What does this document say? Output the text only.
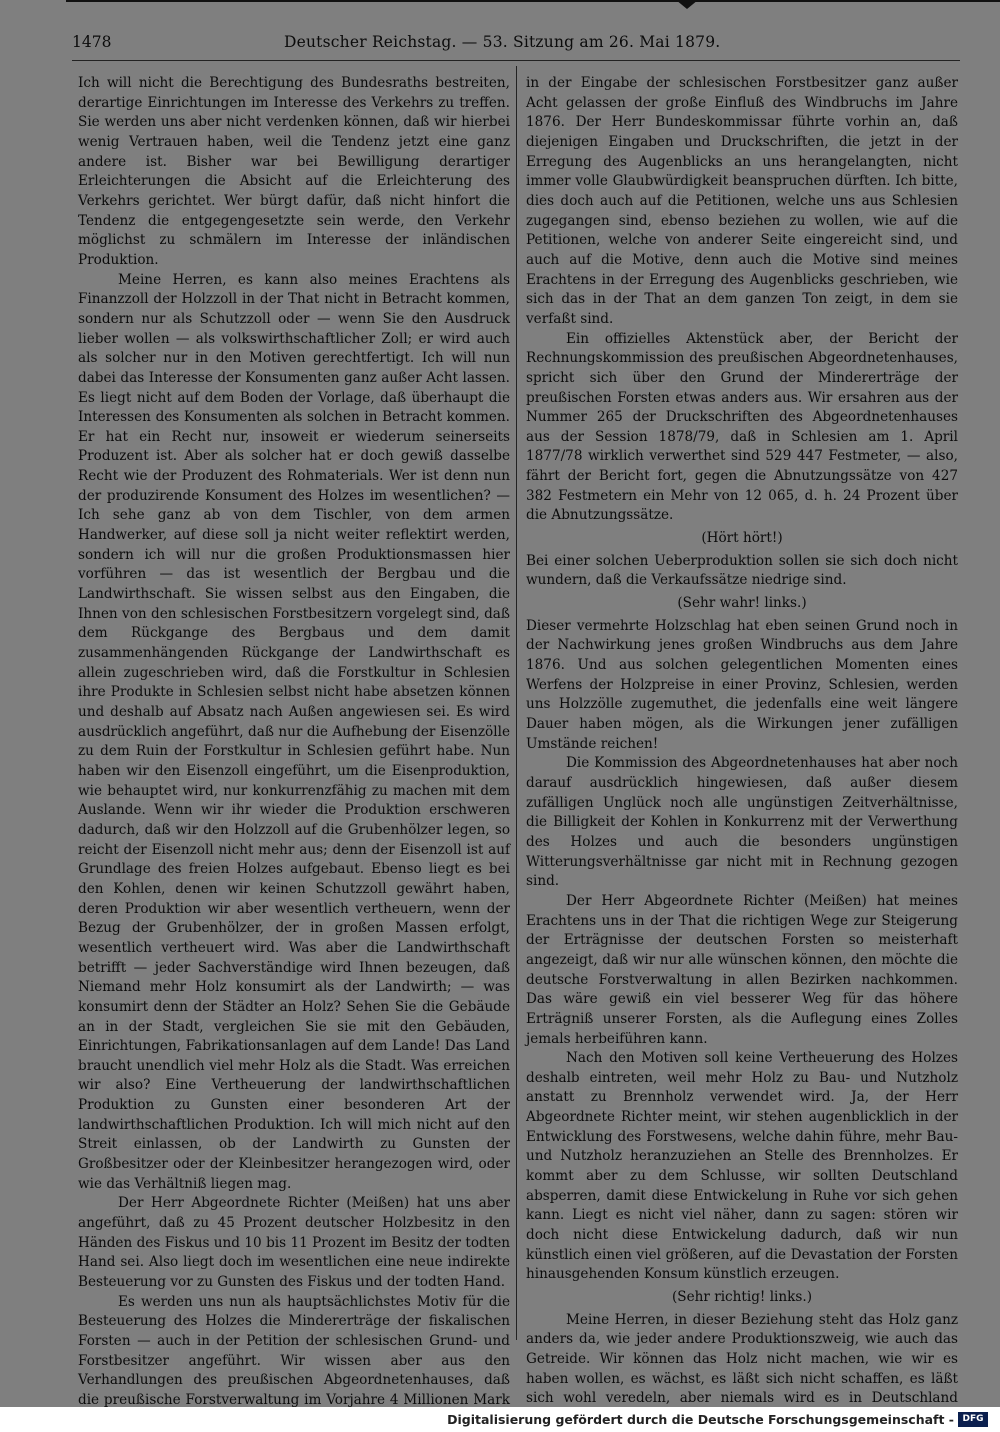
1478	Deutscher Reichstag. — 53. Sitzung am 26. Mai 1879.

Ich will nicht die Berechtigung des Bundesraths bestreiten, derartige Einrichtungen im Interesse des Verkehrs zu treffen. Sie werden uns aber nicht verdenken können, daß wir hierbei wenig Vertrauen haben, weil die Tendenz jetzt eine ganz andere ist. Bisher war bei Bewilligung derartiger Erleichterungen die Absicht auf die Erleichterung des Verkehrs gerichtet. Wer bürgt dafür, daß nicht hinfort die Tendenz die entgegengesetzte sein werde, den Verkehr möglichst zu schmälern im Interesse der inländischen Produktion.

Meine Herren, es kann also meines Erachtens als Finanzzoll der Holzzoll in der That nicht in Betracht kommen, sondern nur als Schutzzoll oder — wenn Sie den Ausdruck lieber wollen — als volkswirthschaftlicher Zoll; er wird auch als solcher nur in den Motiven gerechtfertigt. Ich will nun dabei das Interesse der Konsumenten ganz außer Acht lassen. Es liegt nicht auf dem Boden der Vorlage, daß überhaupt die Interessen des Konsumenten als solchen in Betracht kommen. Er hat ein Recht nur, insoweit er wiederum seinerseits Produzent ist. Aber als solcher hat er doch gewiß dasselbe Recht wie der Produzent des Rohmaterials. Wer ist denn nun der produzirende Konsument des Holzes im wesentlichen? — Ich sehe ganz ab von dem Tischler, von dem armen Handwerker, auf diese soll ja nicht weiter reflektirt werden, sondern ich will nur die großen Produktionsmassen hier vorführen — das ist wesentlich der Bergbau und die Landwirthschaft. Sie wissen selbst aus den Eingaben, die Ihnen von den schlesischen Forstbesitzern vorgelegt sind, daß dem Rückgange des Bergbaus und dem damit zusammenhängenden Rückgange der Landwirthschaft es allein zugeschrieben wird, daß die Forstkultur in Schlesien ihre Produkte in Schlesien selbst nicht habe absetzen können und deshalb auf Absatz nach Außen angewiesen sei. Es wird ausdrücklich angeführt, daß nur die Aufhebung der Eisenzölle zu dem Ruin der Forstkultur in Schlesien geführt habe. Nun haben wir den Eisenzoll eingeführt, um die Eisenproduktion, wie behauptet wird, nur konkurrenzfähig zu machen mit dem Auslande. Wenn wir ihr wieder die Produktion erschweren dadurch, daß wir den Holzzoll auf die Grubenhölzer legen, so reicht der Eisenzoll nicht mehr aus; denn der Eisenzoll ist auf Grundlage des freien Holzes aufgebaut. Ebenso liegt es bei den Kohlen, denen wir keinen Schutzzoll gewährt haben, deren Produktion wir aber wesentlich vertheuern, wenn der Bezug der Grubenhölzer, der in großen Massen erfolgt, wesentlich vertheuert wird. Was aber die Landwirthschaft betrifft — jeder Sachverständige wird Ihnen bezeugen, daß Niemand mehr Holz konsumirt als der Landwirth; — was konsumirt denn der Städter an Holz? Sehen Sie die Gebäude an in der Stadt, vergleichen Sie sie mit den Gebäuden, Einrichtungen, Fabrikationsanlagen auf dem Lande! Das Land braucht unendlich viel mehr Holz als die Stadt. Was erreichen wir also? Eine Vertheuerung der landwirthschaftlichen Produktion zu Gunsten einer besonderen Art der landwirthschaftlichen Produktion. Ich will mich nicht auf den Streit einlassen, ob der Landwirth zu Gunsten der Großbesitzer oder der Kleinbesitzer herangezogen wird, oder wie das Verhältniß liegen mag.

Der Herr Abgeordnete Richter (Meißen) hat uns aber angeführt, daß zu 45 Prozent deutscher Holzbesitz in den Händen des Fiskus und 10 bis 11 Prozent im Besitz der todten Hand sei. Also liegt doch im wesentlichen eine neue indirekte Besteuerung vor zu Gunsten des Fiskus und der todten Hand.

Es werden uns nun als hauptsächlichstes Motiv für die Besteuerung des Holzes die Mindererträge der fiskalischen Forsten — auch in der Petition der schlesischen Grund- und Forstbesitzer angeführt. Wir wissen aber aus den Verhandlungen des preußischen Abgeordnetenhauses, daß die preußische Forstverwaltung im Vorjahre 4 Millionen Mark

in der Eingabe der schlesischen Forstbesitzer ganz außer Acht gelassen der große Einfluß des Windbruchs im Jahre 1876. Der Herr Bundeskommissar führte vorhin an, daß diejenigen Eingaben und Druckschriften, die jetzt in der Erregung des Augenblicks an uns herangelangten, nicht immer volle Glaubwürdigkeit beanspruchen dürften. Ich bitte, dies doch auch auf die Petitionen, welche uns aus Schlesien zugegangen sind, ebenso beziehen zu wollen, wie auf die Petitionen, welche von anderer Seite eingereicht sind, und auch auf die Motive, denn auch die Motive sind meines Erachtens in der Erregung des Augenblicks geschrieben, wie sich das in der That an dem ganzen Ton zeigt, in dem sie verfaßt sind.

Ein offizielles Aktenstück aber, der Bericht der Rechnungskommission des preußischen Abgeordnetenhauses, spricht sich über den Grund der Mindererträge der preußischen Forsten etwas anders aus. Wir ersahren aus der Nummer 265 der Druckschriften des Abgeordnetenhauses aus der Session 1878/79, daß in Schlesien am 1. April 1877/78 wirklich verwerthet sind 529 447 Festmeter, — also, fährt der Bericht fort, gegen die Abnutzungssätze von 427 382 Festmetern ein Mehr von 12 065, d. h. 24 Prozent über die Abnutzungssätze.

(Hört hört!)

Bei einer solchen Ueberproduktion sollen sie sich doch nicht wundern, daß die Verkaufssätze niedrige sind.

(Sehr wahr! links.)

Dieser vermehrte Holzschlag hat eben seinen Grund noch in der Nachwirkung jenes großen Windbruchs aus dem Jahre 1876. Und aus solchen gelegentlichen Momenten eines Werfens der Holzpreise in einer Provinz, Schlesien, werden uns Holzzölle zugemuthet, die jedenfalls eine weit längere Dauer haben mögen, als die Wirkungen jener zufälligen Umstände reichen!

Die Kommission des Abgeordnetenhauses hat aber noch darauf ausdrücklich hingewiesen, daß außer diesem zufälligen Unglück noch alle ungünstigen Zeitverhältnisse, die Billigkeit der Kohlen in Konkurrenz mit der Verwerthung des Holzes und auch die besonders ungünstigen Witterungsverhältnisse gar nicht mit in Rechnung gezogen sind.

Der Herr Abgeordnete Richter (Meißen) hat meines Erachtens uns in der That die richtigen Wege zur Steigerung der Erträgnisse der deutschen Forsten so meisterhaft angezeigt, daß wir nur alle wünschen können, den möchte die deutsche Forstverwaltung in allen Bezirken nachkommen. Das wäre gewiß ein viel besserer Weg für das höhere Erträgniß unserer Forsten, als die Auflegung eines Zolles jemals herbeiführen kann.

Nach den Motiven soll keine Vertheuerung des Holzes deshalb eintreten, weil mehr Holz zu Bau- und Nutzholz anstatt zu Brennholz verwendet wird. Ja, der Herr Abgeordnete Richter meint, wir stehen augenblicklich in der Entwicklung des Forstwesens, welche dahin führe, mehr Bau- und Nutzholz heranzuziehen an Stelle des Brennholzes. Er kommt aber zu dem Schlusse, wir sollten Deutschland absperren, damit diese Entwickelung in Ruhe vor sich gehen kann. Liegt es nicht viel näher, dann zu sagen: stören wir doch nicht diese Entwickelung dadurch, daß wir nun künstlich einen viel größeren, auf die Devastation der Forsten hinausgehenden Konsum künstlich erzeugen.

(Sehr richtig! links.)

Meine Herren, in dieser Beziehung steht das Holz ganz anders da, wie jeder andere Produktionszweig, wie auch das Getreide. Wir können das Holz nicht machen, wie wir es haben wollen, es wächst, es läßt sich nicht schaffen, es läßt sich wohl veredeln, aber niemals wird es in Deutschland

Digitalisierung gefördert durch die Deutsche Forschungsgemeinschaft - DFG
